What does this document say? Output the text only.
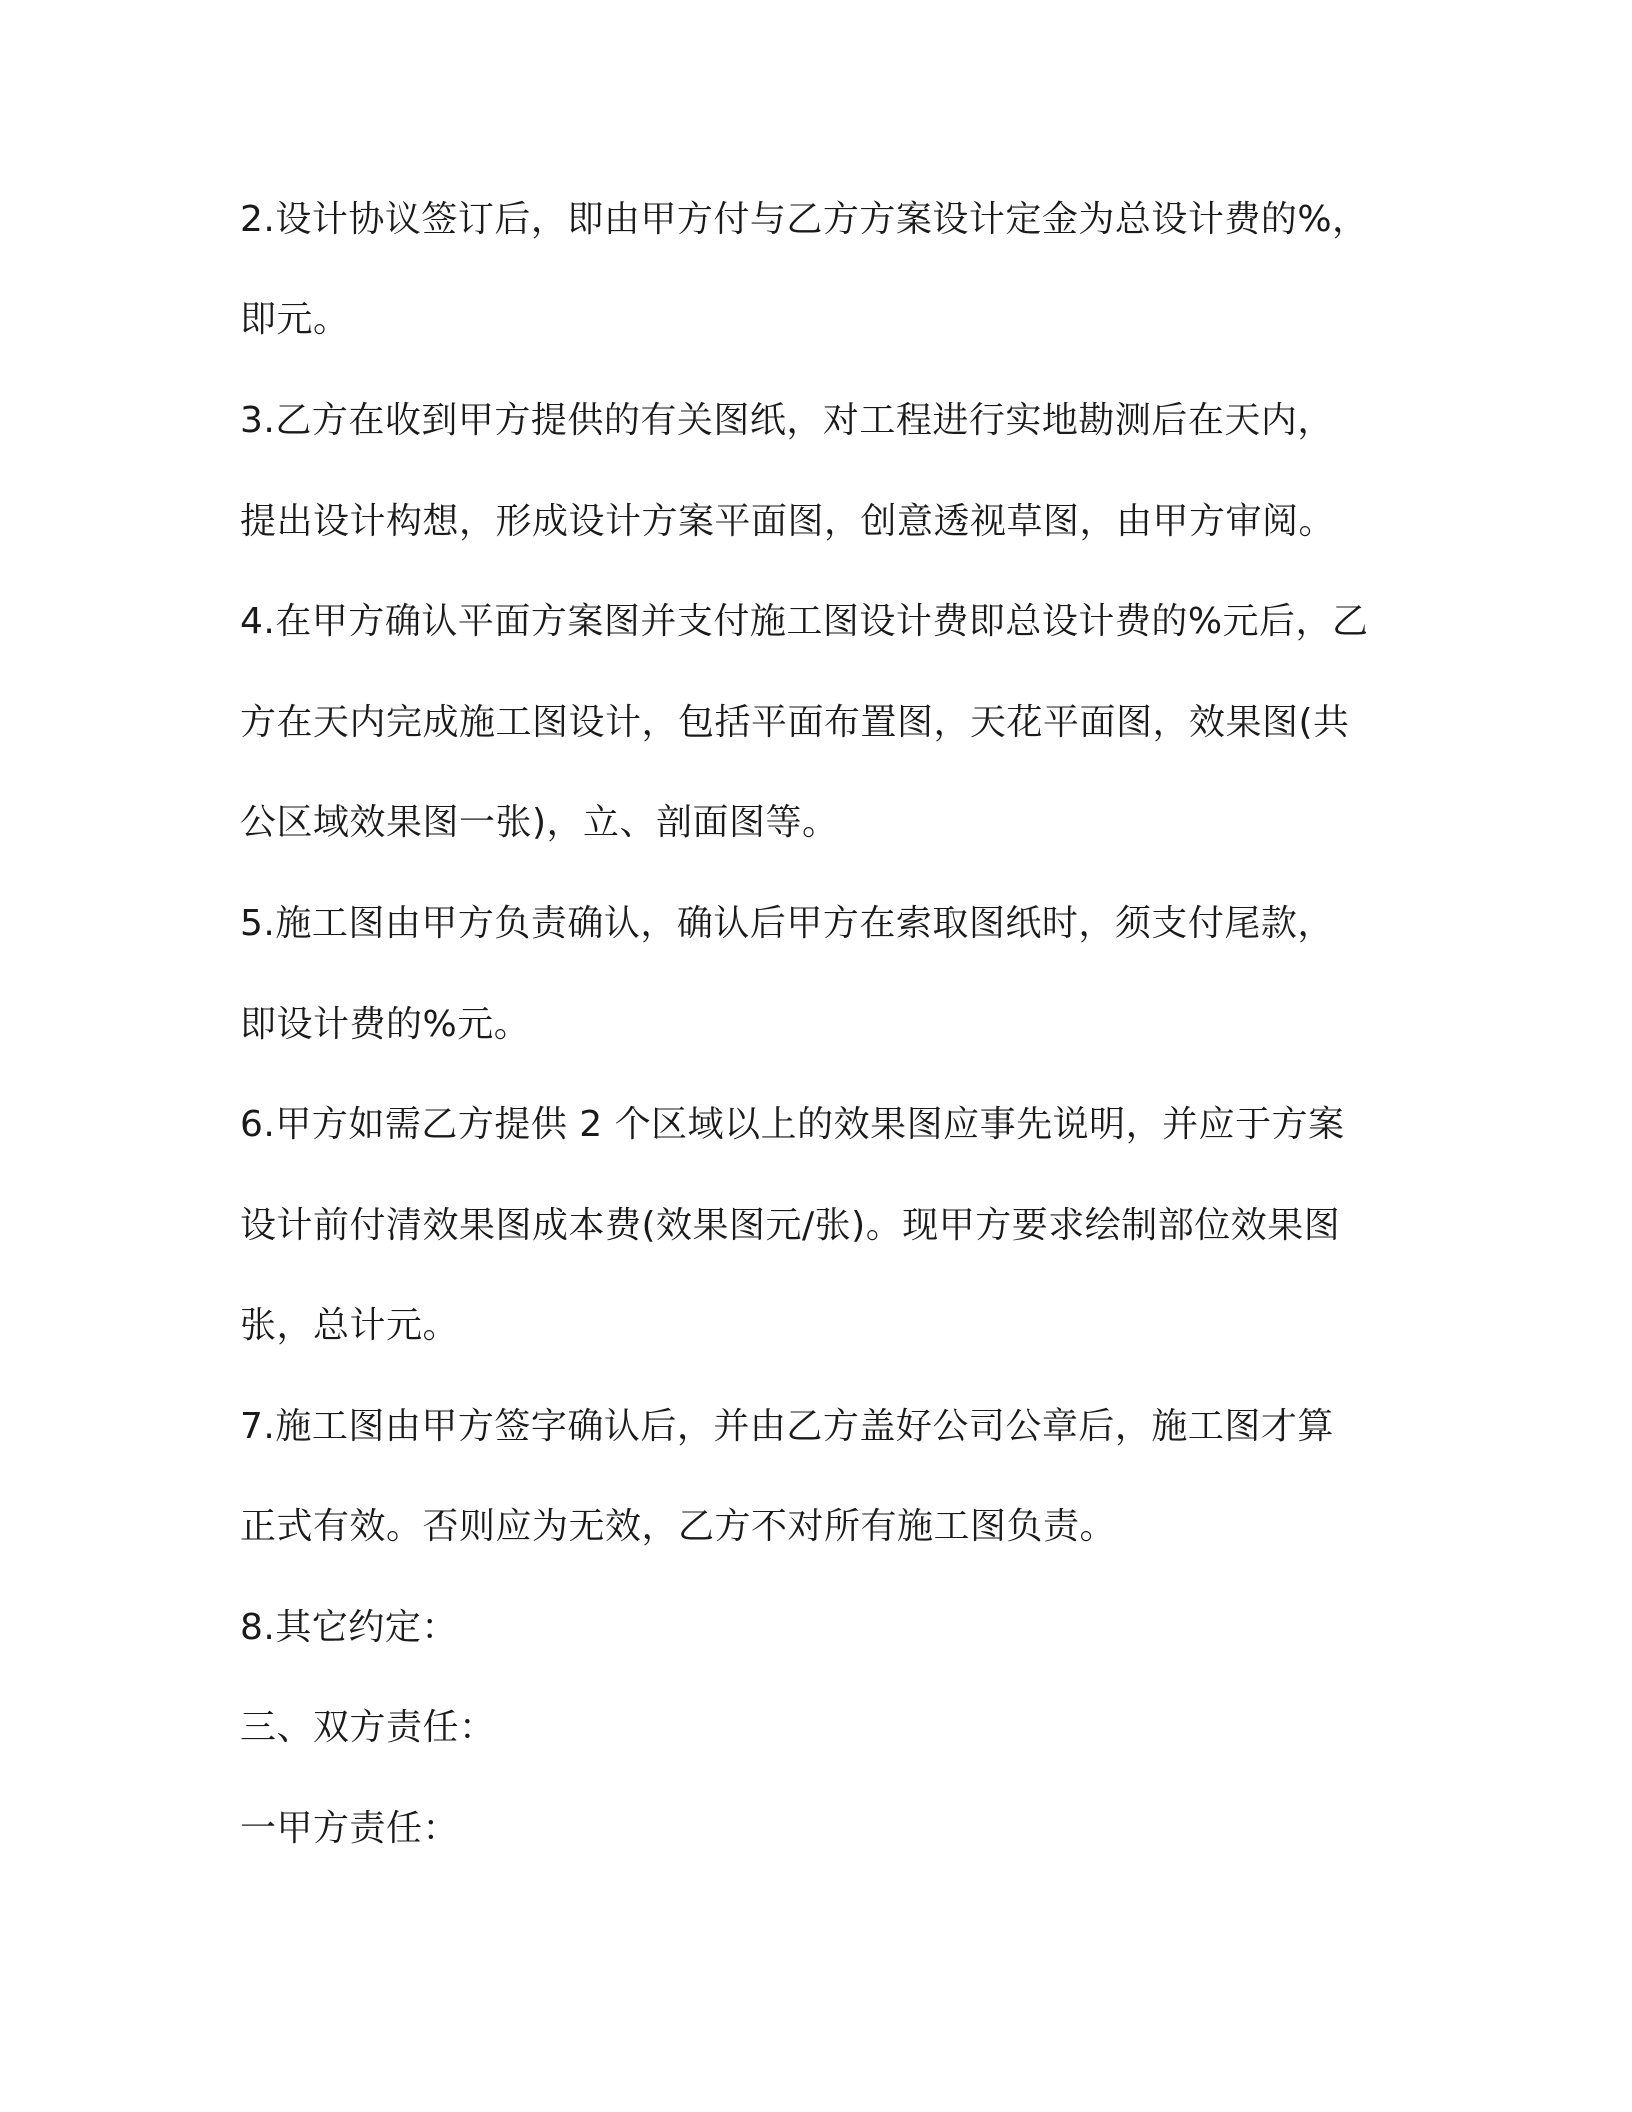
2.设计协议签订后，即由甲方付与乙方方案设计定金为总设计费的%，

即元。

3.乙方在收到甲方提供的有关图纸，对工程进行实地勘测后在天内，

提出设计构想，形成设计方案平面图，创意透视草图，由甲方审阅。

4.在甲方确认平面方案图并支付施工图设计费即总设计费的%元后，乙

方在天内完成施工图设计，包括平面布置图，天花平面图，效果图(共

公区域效果图一张)，立、剖面图等。

5.施工图由甲方负责确认，确认后甲方在索取图纸时，须支付尾款，

即设计费的%元。

6.甲方如需乙方提供 2 个区域以上的效果图应事先说明，并应于方案

设计前付清效果图成本费(效果图元/张)。现甲方要求绘制部位效果图

张，总计元。

7.施工图由甲方签字确认后，并由乙方盖好公司公章后，施工图才算

正式有效。否则应为无效，乙方不对所有施工图负责。

8.其它约定：

三、双方责任：

一甲方责任：
